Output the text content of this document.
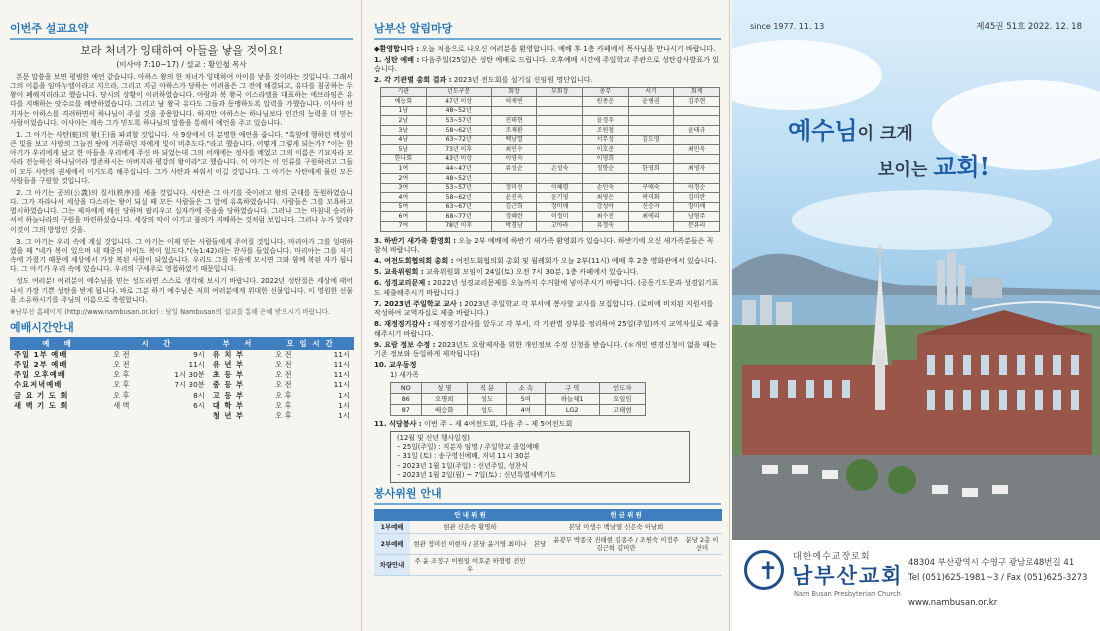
이번주 설교요약
보라 처녀가 잉태하여 아들을 낳을 것이요!
(이사야 7:10~17) / 설교 : 황인철 목사

본문 말씀을 보면 평범한 예언 같습니다. 아하스 왕의 한 처녀가 잉태하여 아이를 낳을 것이라는 것입니다. 그래서 그의 이름을 임마누엘이라고 지으라, 그리고 지금 아하스가 당하는 어려움은 그 전에 해결되고, 유다를 침공하는 두 왕이 폐해지리라고 했습니다. 당시의 상황이 이러하였습니다. 아람과 북 왕국 이스라엘을 대표하는 에브라임은 유다를 지배하는 앗수르를 배반하였습니다. 그리고 남 왕국 유다도 그들과 동맹하도록 압력을 가했습니다. 이사야 선지자는 아하스를 격려하면서 하나님이 주실 것을 종용합니다. 하지만 아하스는 하나님보다 인간의 능력을 더 믿는 사람이었습니다. 이사야는 계속 그가 믿도록 하나님의 말씀을 통해서 예언을 주고 있습니다.

1. 그 아기는 사탄(蛇)의 왕(王)을 파괴할 것입니다. 사 9장에서 더 분명한 예언을 줍니다. "흑암에 행하던 백성이 큰 빛을 보고 사망의 그늘진 땅에 거주하던 자에게 빛이 비추도다."라고 했습니다. 어떻게 그렇게 되는가? "이는 한 아기가 우리에게 났고 한 아들을 우리에게 주신 바 되었는데 그의 어깨에는 정사를 메었고 그의 이름은 기묘자라 모사라 전능하신 하나님이라 영존하시는 아버지라 평강의 왕이라"고 했습니다. 이 아기는 이 인류를 구원하려고 그들이 모두 사탄의 권세에서 이기도록 해주십니다. 그가 사탄과 싸워서 이길 것입니다. 그 아기는 사탄에게 물린 모든 사람들을 구원할 것입니다.

2. 그 아기는 공의(公義)의 질서(秩序)를 세울 것입니다. 사탄은 그 아기를 죽이려고 왕의 군대를 동원하였습니다. 그가 자라나서 세상을 다스리는 왕이 되실 때 모든 사람들은 그 앞에 유혹하였습니다. 사람들은 그를 모욕하고 멸시하였습니다. 그는 제자에게 배신 당하며 팔리우고 십자가에 죽음을 당하였습니다. 그러나 그는 마침내 승리하셔서 하늘나라의 구원을 마련하셨습니다. 세상의 악이 이기고 불의가 지배하는 것처럼 보입니다. 그러나 누가 알랴? 이것이 그의 방법인 것을.

3. 그 아기는 우리 속에 계실 것입니다. 그 아기는 이제 믿는 사람들에게 주어질 것입니다. 마리아가 그를 잉태하였을 때 "네가 복이 있으며 네 태중의 아이도 복이 있도다."(눅1:42)라는 찬사를 들었습니다. 마리아는 그를 자기 속에 가졌기 때문에 세상에서 가장 복된 사람이 되었습니다. 우리도 그를 마음에 모시면 그와 함께 복된 자가 됩니다. 그 아기가 우리 속에 있습니다. 우리의 구세주로 영접하였기 때문입니다.

성도 여러분! 여러분이 예수님을 믿는 성도라면 스스로 생각해 보시기 바랍니다. 2022년 성탄절은 세상에 태어나서 가장 기쁜 성탄을 받게 됩니다. 바로 그분 하기 예수님은 저희 여러분에게 위대한 선물입니다. 이 영원한 선물을 소유하시기를 주님의 이름으로 축원합니다.

※남부산 홈페이지 (http://www.nambusan.or.kr) : 당일 Nambusan의 설교를 통해 은혜 받으시기 바랍니다.

예배시간안내
예 배	시 간		부 서	모임시간	
주일 1부 예배	오 전	9시	유 치 부	오 전	11시
주일 2부 예배	오 전	11시	유 년 부	오 전	11시
주일 오후예배	오 후	1시 30분	초 등 부	오 전	11시
수요저녁예배	오 후	7시 30분	중 등 부	오 전	11시
금 요 기 도 회	오 후	8시	고 등 부	오 후	1시
새 벽 기 도 회	새 벽	6시	대 학 부	오 후	1시
			청 년 부	오 후	1시
남부산 알림마당
◆환영합니다 : 오늘 처음으로 나오신 여러분을 환영합니다. 예배 후 1층 카페에서 목사님을 만나시기 바랍니다.
1. 성탄 예배 : 다음주일(25일)은 성탄 예배로 드립니다. 오후예배 시간에 주일학교 주관으로 성탄감사발표가 있습니다.
2. 각 기관별 총회 결과 : 2023년 전도회를 설기실 신임원 명단입니다.
기관	년도구분	회장	부회장	총무	서기	회계
예능회	47년 이상	허재빈		원종운	윤병권	김주현
1남	48~52년					
2남	53~57년	진태현		윤정우		
3남	58~62년	조재환		조원철		윤태규
4남	63~72년	백남열		서무성	김도영	
5남	73년 이후	최인수		이호준		최민욱
한나회	43년 이상	이영숙		이영희		
1여	44~47년	류성순	손성숙	정향순	한영희	최영자
2여	48~52년					
3여	53~57년	정미선	이혜령	손인숙	구애숙	이정순
4여	58~62년	윤진옥	윤기영	최영은	곽미화	김미란
5여	63~67년	김근희	장미애	강성아	신승자	장미애
6여	68~77년	정혜란	이정미	최수진	최에리	남형주
7여	78년 이후	박경남	고아라	유정숙		문유리
3. 하반기 새가족 환영회 : 오늘 2부 예배에 하반기 새가족 환영회가 있습니다. 하반기에 오신 새가족분들은 꼭 참석 바랍니다.
4. 여전도회협의회 총회 : 여전도회협의회 총회 및 월례회가 오늘 2부(11시) 예배 후 2층 영화관에서 있습니다.
5. 교육위원회 : 교육위원회 모임이 24일(토) 오전 7시 30분, 1층 카페에서 있습니다.
6. 성경교리문제 : 2022년 성경교리문제를 오늘까지 수거함에 넣어주시기 바랍니다. (공동기도문과 성경읽기표도 제출해주시기 바랍니다.)
7. 2023년 주일학교 교사 : 2023년 주일학교 각 부서에 봉사할 교사를 모집합니다. (로비에 비치된 지원서를 작성하여 교역자실로 제출 바랍니다.)
8. 재정정기감사 : 재정정기감사를 앞두고 각 부서, 각 기관별 장부를 정리하여 25일(주일)까지 교역자실로 제출해주시기 바랍니다.
9. 요람 정보 수정 : 2023년도 요람제작을 위한 개인정보 수정 신청을 받습니다. (＊개인 변경신청이 없을 때는 기존 정보와 동일하게 제작됩니다)
10. 교우동정
1) 새가족
NO	성 명	직 분	소 속	구 역	인도자
86	오명희	성도	5여	하늘체1	오일임
87	배승화	성도	4여	LG2	고태현
11. 식당봉사 : 이번 주 – 제 4여전도회, 다음 주 – 제 5여전도회
(12월 및 신년 행사일정)
– 25일(주일) : 직분자 임명 / 주일학교 졸업예배
– 31일 (토) : 송구영신예배, 저녁 11시 30분
– 2023년 1월 1일(주일) : 신년주일, 성찬식
– 2023년 1월 2일(월) ~ 7일(토) : 신년특별새벽기도
봉사위원 안내
	안 내 위 원	헌 금 위 원		
1부예배	현관 신은숙 황명하		본당 이생수 백남열 신은숙 이남희	
2부예배	현관 정미선 이현자 / 본당 윤기영 최미나	본당	윤광무 박종국 진태현 김종주 / 조원숙 이정주 김근희 김미란	분당 2층 이선미
차량안내	주 윤 조정구 이원일 이호준 하형렬 전민우			
since 1977. 11. 13	제45권 51호 2022. 12. 18
예수님이 크게
보이는 교회!
✝
대한예수교장로회
남부산교회
Nam Busan Presbyterian Church
48304 부산광역시 수영구 광남로48번길 41
Tel (051)625-1981~3 / Fax (051)625-3273
www.nambusan.or.kr
